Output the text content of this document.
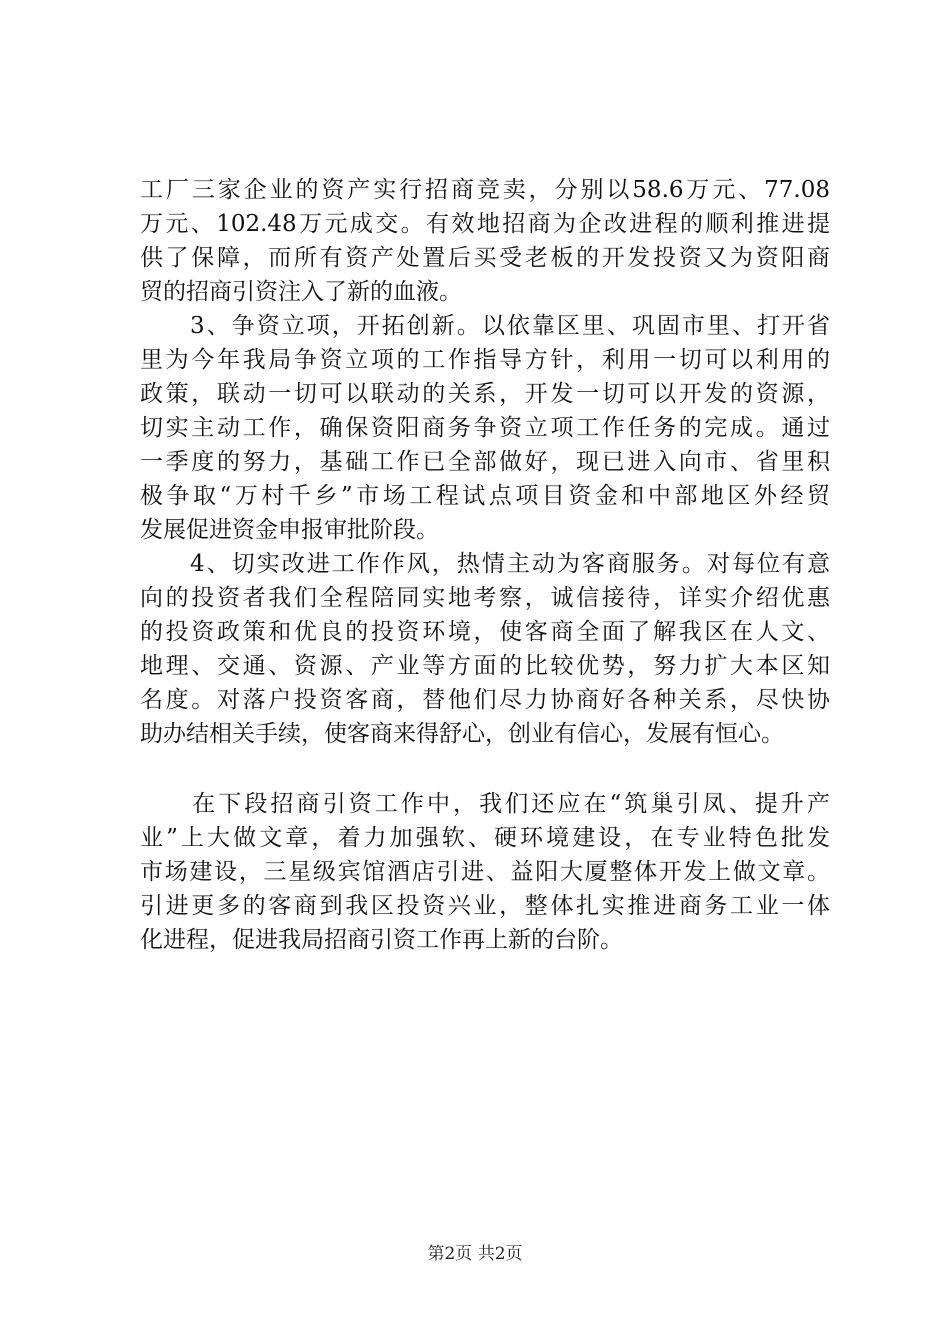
工厂三家企业的资产实行招商竞卖，分别以58.6万元、77.08
万元、102.48万元成交。有效地招商为企改进程的顺利推进提
供了保障，而所有资产处置后买受老板的开发投资又为资阳商
贸的招商引资注入了新的血液。
　　3、争资立项，开拓创新。以依靠区里、巩固市里、打开省
里为今年我局争资立项的工作指导方针，利用一切可以利用的
政策，联动一切可以联动的关系，开发一切可以开发的资源，
切实主动工作，确保资阳商务争资立项工作任务的完成。通过
一季度的努力，基础工作已全部做好，现已进入向市、省里积
极争取“万村千乡”市场工程试点项目资金和中部地区外经贸
发展促进资金申报审批阶段。
　　4、切实改进工作作风，热情主动为客商服务。对每位有意
向的投资者我们全程陪同实地考察，诚信接待，详实介绍优惠
的投资政策和优良的投资环境，使客商全面了解我区在人文、
地理、交通、资源、产业等方面的比较优势，努力扩大本区知
名度。对落户投资客商，替他们尽力协商好各种关系，尽快协
助办结相关手续，使客商来得舒心，创业有信心，发展有恒心。
　　在下段招商引资工作中，我们还应在“筑巢引凤、提升产
业”上大做文章，着力加强软、硬环境建设，在专业特色批发
市场建设，三星级宾馆酒店引进、益阳大厦整体开发上做文章。
引进更多的客商到我区投资兴业，整体扎实推进商务工业一体
化进程，促进我局招商引资工作再上新的台阶。
第2页 共2页
